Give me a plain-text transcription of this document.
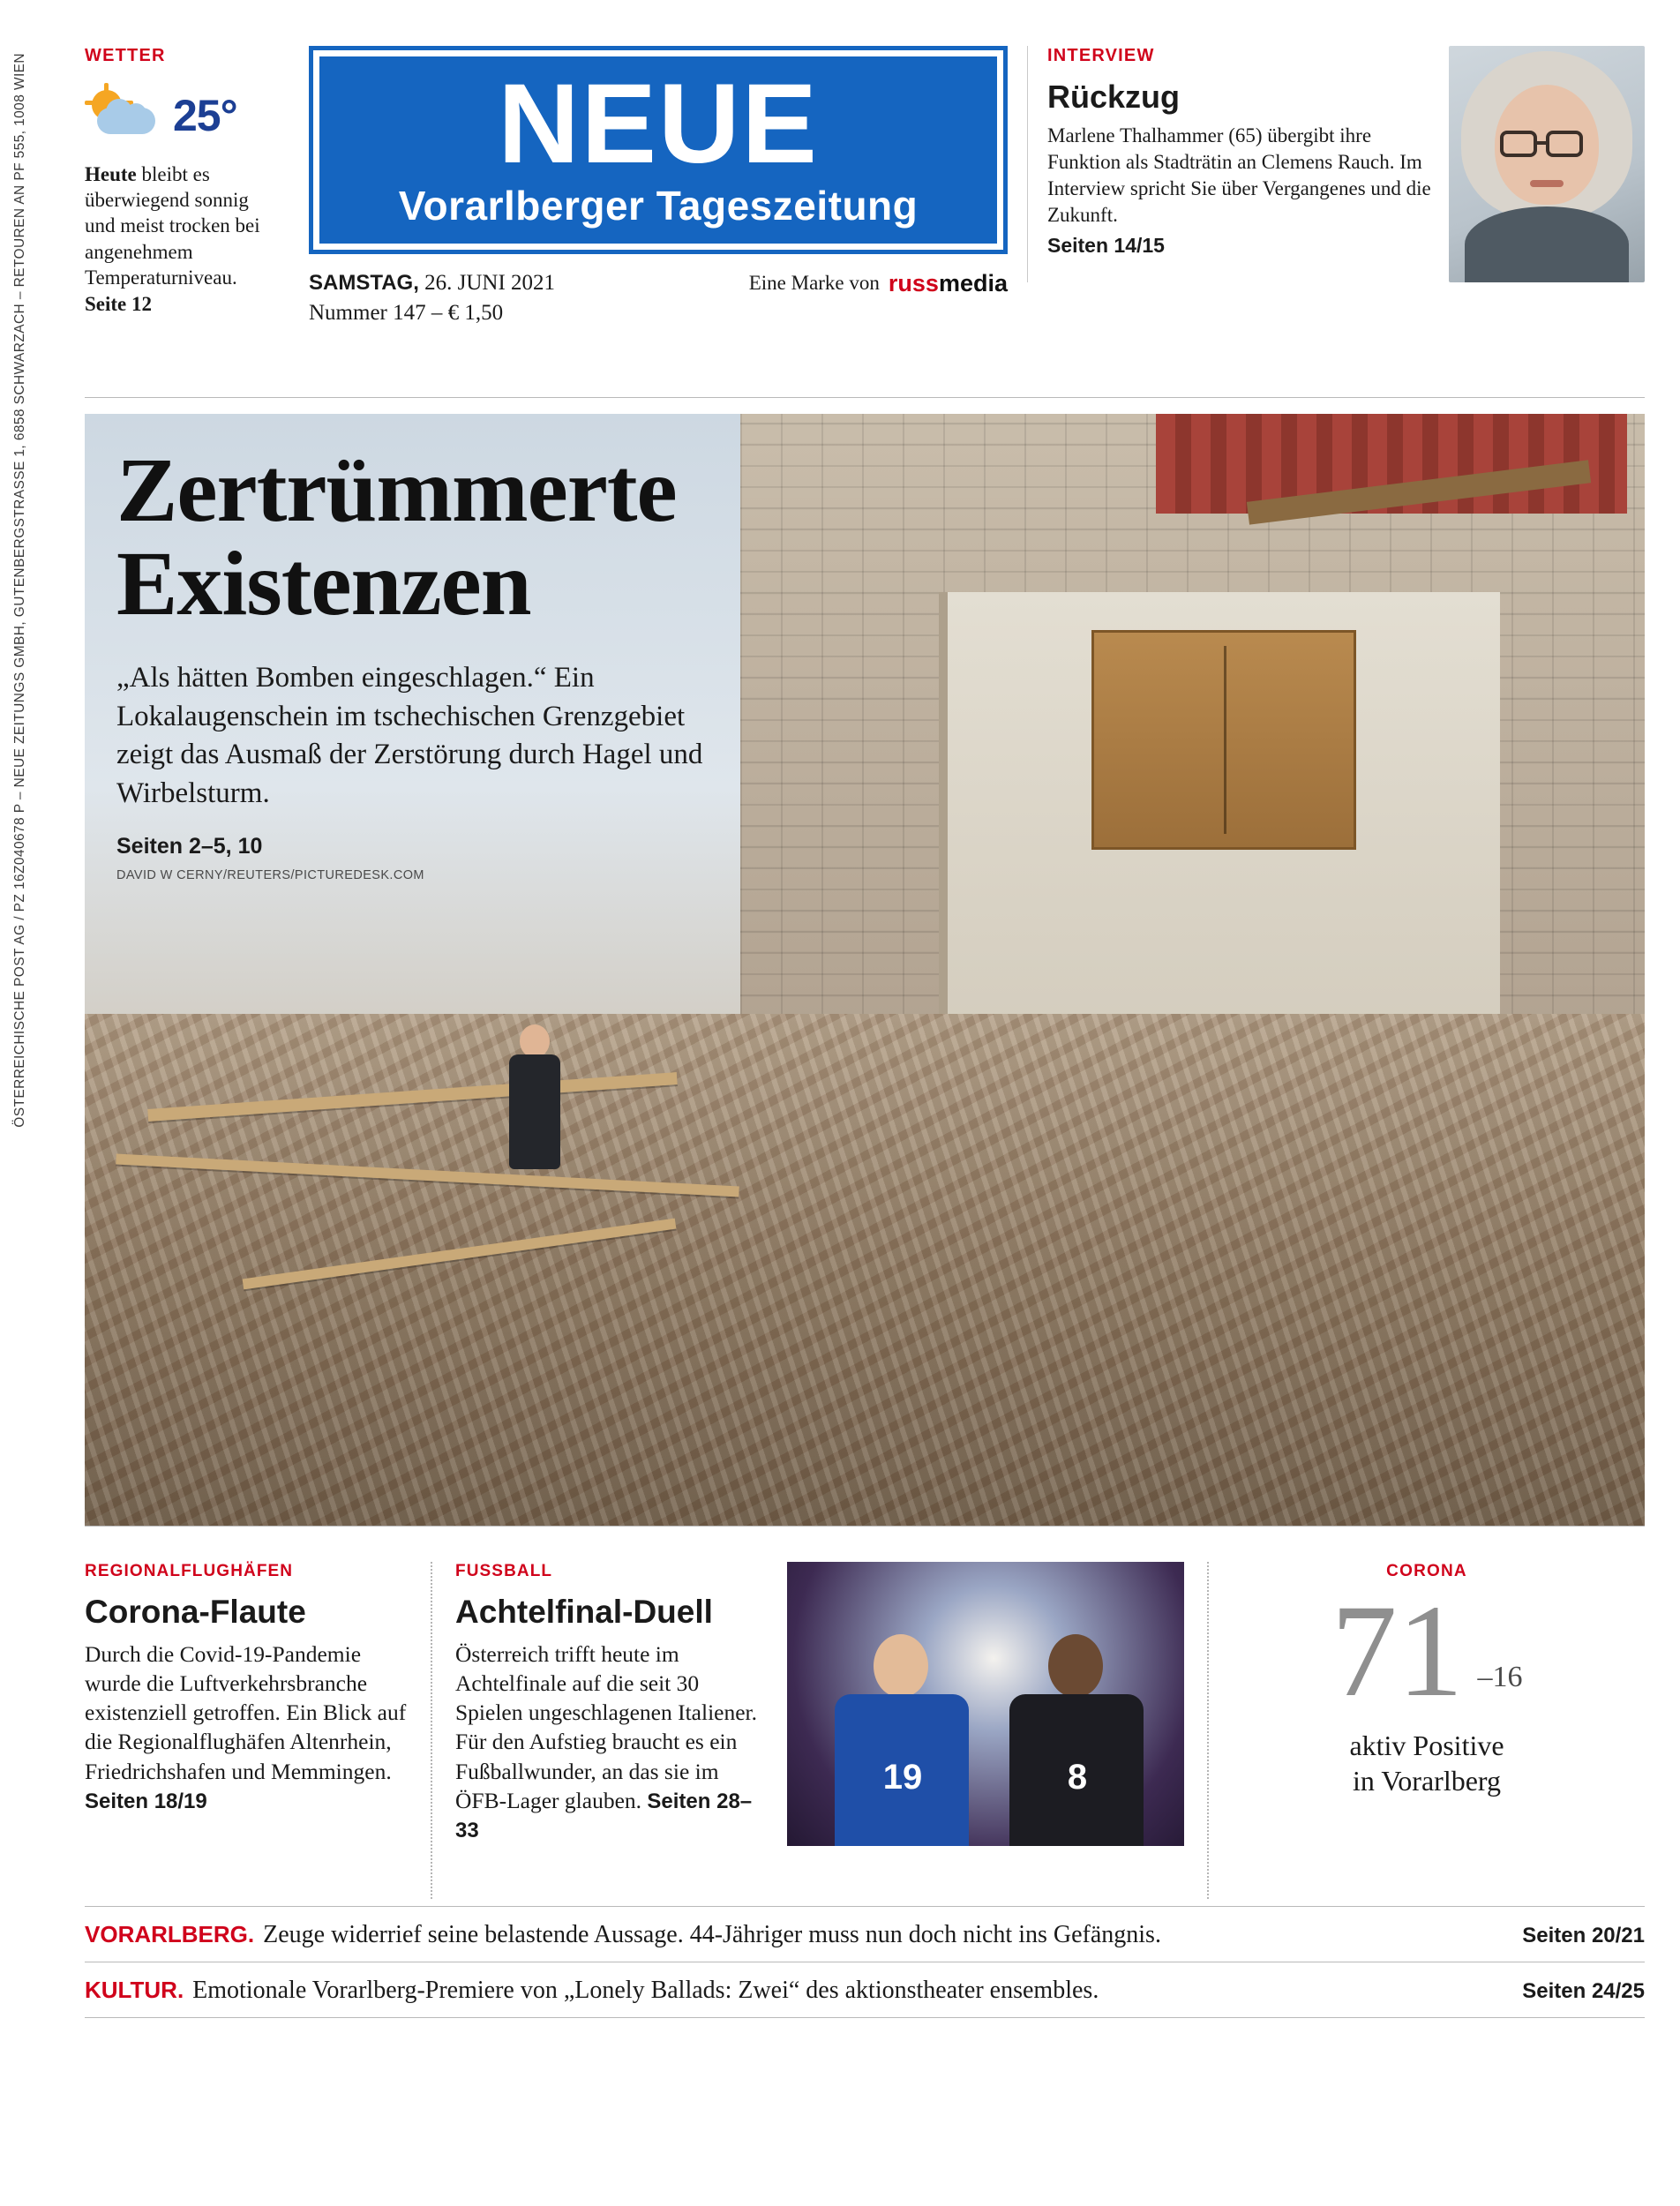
ÖSTERREICHISCHE POST AG / PZ 16Z040678 P – NEUE ZEITUNGS GMBH, GUTENBERGSTRASSE 1, 6858 SCHWARZACH – RETOUREN AN PF 555, 1008 WIEN	WETTER
25°
Heute bleibt es überwiegend sonnig und meist trocken bei angenehmem Temperaturniveau.
Seite 12
NEUE
Vorarlberger Tageszeitung
SAMSTAG, 26. JUNI 2021
Nummer 147 – € 1,50
Eine Marke von russmedia
INTERVIEW
Rückzug
Marlene Thalhammer (65) übergibt ihre Funktion als Stadträtin an Clemens Rauch. Im Interview spricht Sie über Vergangenes und die Zukunft.
Seiten 14/15
Zertrümmerte
Existenzen
„Als hätten Bomben eingeschlagen.“ Ein Lokalaugenschein im tschechischen Grenzgebiet zeigt das Ausmaß der Zerstörung durch Hagel und Wirbelsturm.
Seiten 2–5, 10
DAVID W CERNY/REUTERS/PICTUREDESK.COM
REGIONALFLUGHÄFEN
Corona-Flaute
Durch die Covid-19-Pandemie wurde die Luftverkehrsbranche existenziell getroffen. Ein Blick auf die Regionalflughäfen Altenrhein, Friedrichshafen und Memmingen. Seiten 18/19
FUSSBALL
Achtelfinal-Duell
Österreich trifft heute im Achtelfinale auf die seit 30 Spielen ungeschlagenen Italiener. Für den Aufstieg braucht es ein Fußballwunder, an das sie im ÖFB-Lager glauben. Seiten 28–33
19	8
CORONA
71 –16
aktiv Positive
in Vorarlberg
VORARLBERG. Zeuge widerrief seine belastende Aussage. 44-Jähriger muss nun doch nicht ins Gefängnis.	Seiten 20/21
KULTUR. Emotionale Vorarlberg-Premiere von „Lonely Ballads: Zwei“ des aktionstheater ensembles.	Seiten 24/25
